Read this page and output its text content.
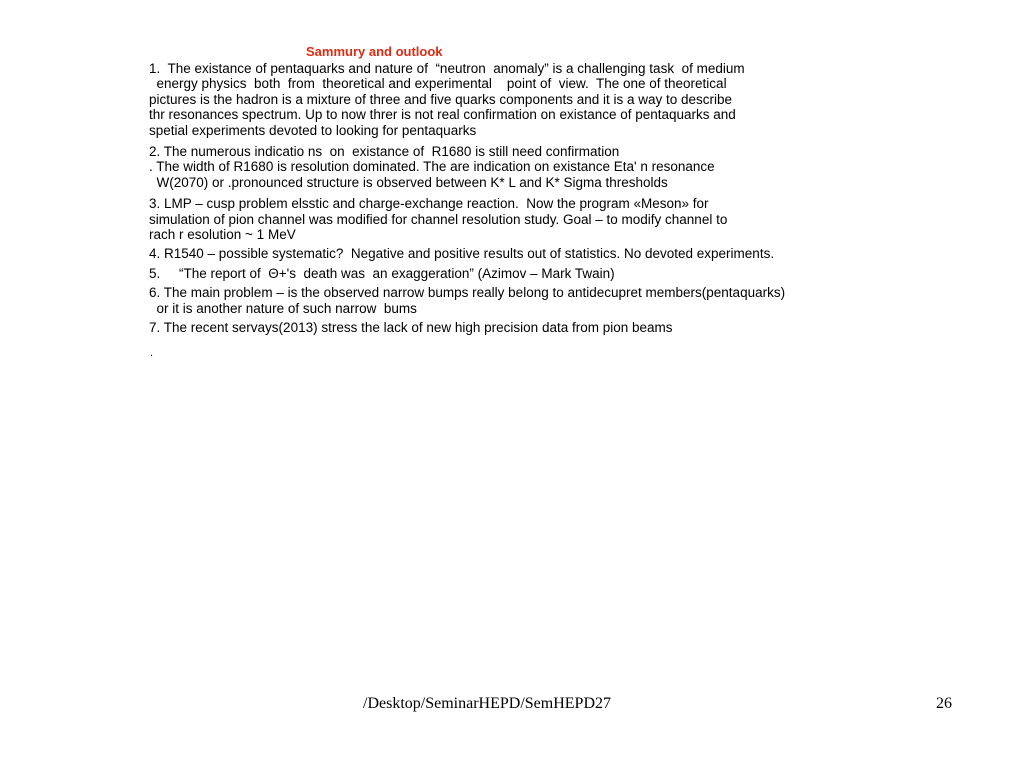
Sammury and outlook
1.  The existance of pentaquarks and nature of  “neutron  anomaly” is a challenging task  of medium
energy physics  both  from  theoretical and experimental    point of  view.  The one of theoretical
pictures is the hadron is a mixture of three and five quarks components and it is a way to describe
thr resonances spectrum. Up to now threr is not real confirmation on existance of pentaquarks and
spetial experiments devoted to looking for pentaquarks
2. The numerous indicatio ns  on  existance of  R1680 is still need confirmation
. The width of R1680 is resolution dominated. The are indication on existance Eta' n resonance
W(2070) or .pronounced structure is observed between K* L and K* Sigma thresholds
3. LMP – cusp problem elsstic and charge-exchange reaction.  Now the program «Meson» for
simulation of pion channel was modified for channel resolution study. Goal – to modify channel to
rach r esolution ~ 1 MeV
4. R1540 – possible systematic?  Negative and positive results out of statistics. No devoted experiments.
5.     “The report of  Θ+'s  death was  an exaggeration” (Azimov – Mark Twain)
6. The main problem – is the observed narrow bumps really belong to antidecupret members(pentaquarks)
or it is another nature of such narrow  bums
7. The recent servays(2013) stress the lack of new high precision data from pion beams
.
/Desktop/SeminarHEPD/SemHEPD27	26
